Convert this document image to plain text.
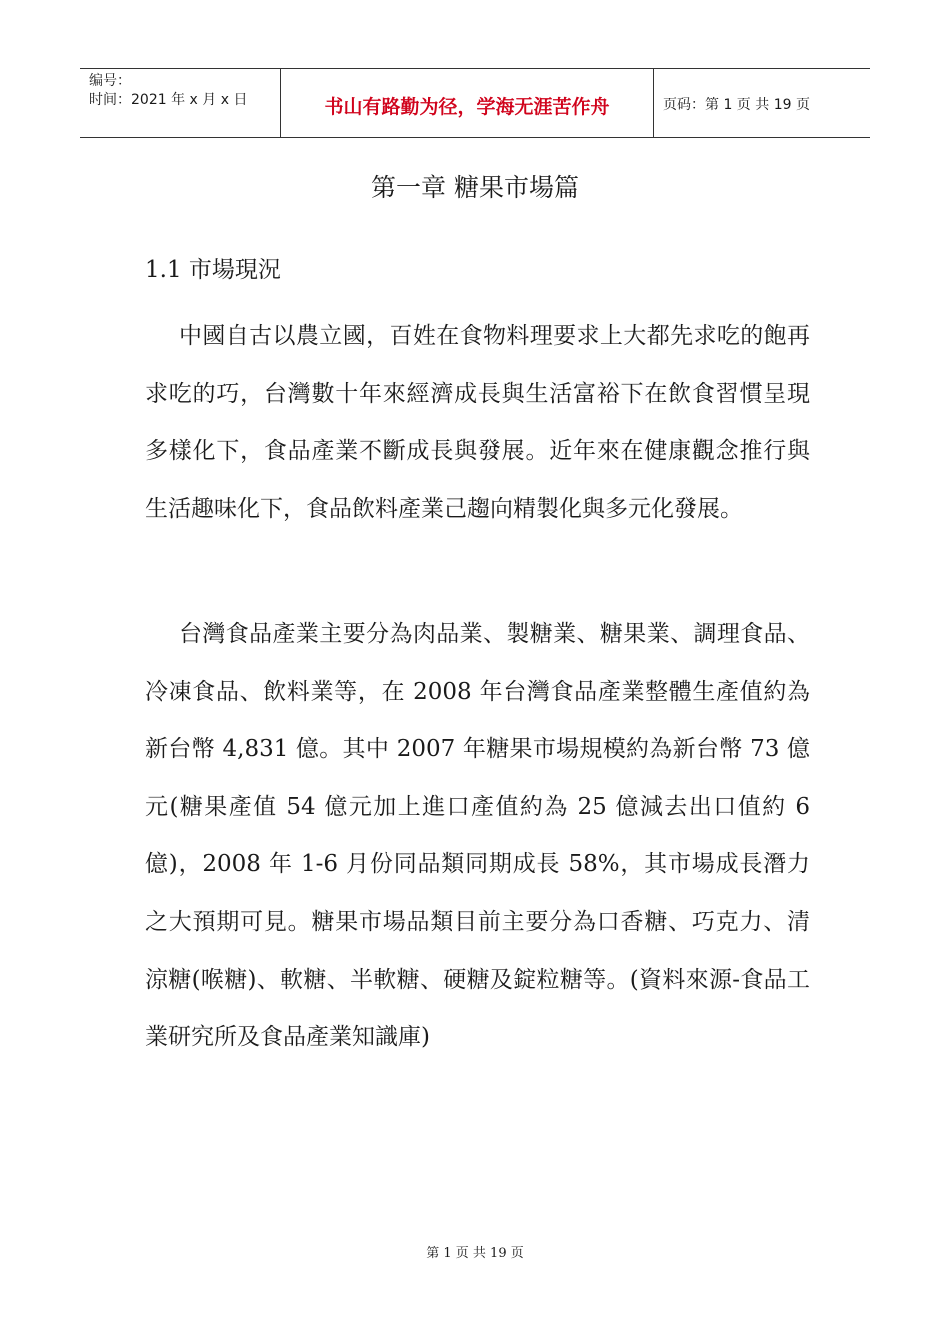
编号：
时间：2021 年 x 月 x 日	书山有路勤为径，学海无涯苦作舟	页码：第 1 页 共 19 页
第一章 糖果市場篇
1.1 市場現況
中國自古以農立國，百姓在食物料理要求上大都先求吃的飽再求吃的巧，台灣數十年來經濟成長與生活富裕下在飲食習慣呈現多樣化下，食品產業不斷成長與發展。近年來在健康觀念推行與生活趣味化下，食品飲料產業己趨向精製化與多元化發展。
台灣食品產業主要分為肉品業、製糖業、糖果業、調理食品、冷凍食品、飲料業等，在 2008 年台灣食品產業整體生產值約為新台幣 4,831 億。其中 2007 年糖果市場規模約為新台幣 73 億元(糖果產值 54 億元加上進口產值約為 25 億減去出口值約 6 億)，2008 年 1-6 月份同品類同期成長 58%，其市場成長潛力之大預期可見。糖果市場品類目前主要分為口香糖、巧克力、清涼糖(喉糖)、軟糖、半軟糖、硬糖及錠粒糖等。(資料來源-食品工業研究所及食品產業知識庫)
第 1 页 共 19 页
